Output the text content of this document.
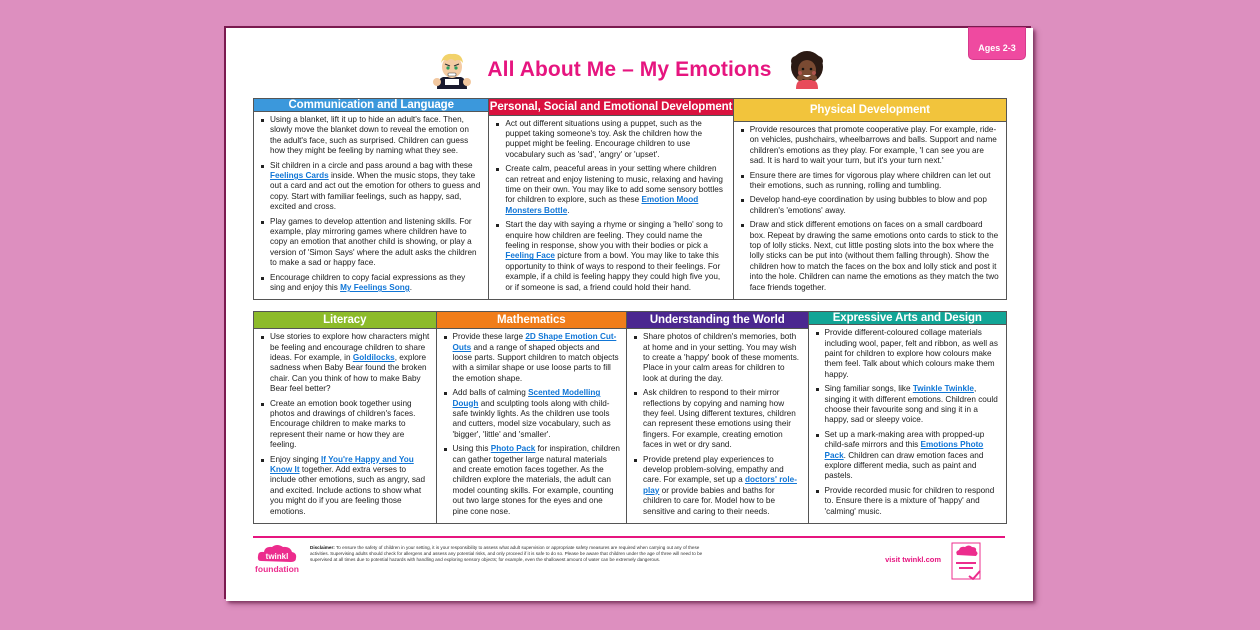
Ages 2-3
All About Me – My Emotions
Communication and Language
Using a blanket, lift it up to hide an adult's face. Then, slowly move the blanket down to reveal the emotion on the adult's face, such as surprised. Children can guess how they might be feeling by naming what they see.
Sit children in a circle and pass around a bag with these Feelings Cards inside. When the music stops, they take out a card and act out the emotion for others to guess and copy. Start with familiar feelings, such as happy, sad, excited and cross.
Play games to develop attention and listening skills. For example, play mirroring games where children have to copy an emotion that another child is showing, or play a version of 'Simon Says' where the adult asks the children to make a sad or happy face.
Encourage children to copy facial expressions as they sing and enjoy this My Feelings Song.
Personal, Social and Emotional Development
Act out different situations using a puppet, such as the puppet taking someone's toy. Ask the children how the puppet might be feeling. Encourage children to use vocabulary such as 'sad', 'angry' or 'upset'.
Create calm, peaceful areas in your setting where children can retreat and enjoy listening to music, relaxing and having time on their own. You may like to add some sensory bottles for children to explore, such as these Emotion Mood Monsters Bottle.
Start the day with saying a rhyme or singing a 'hello' song to enquire how children are feeling. They could name the feeling in response, show you with their bodies or pick a Feeling Face picture from a bowl. You may like to take this opportunity to think of ways to respond to their feelings. For example, if a child is feeling happy they could high five you, or if someone is sad, a friend could hold their hand.
Physical Development
Provide resources that promote cooperative play. For example, ride-on vehicles, pushchairs, wheelbarrows and balls. Support and name children's emotions as they play. For example, 'I can see you are sad. It is hard to wait your turn, but it's your turn next.'
Ensure there are times for vigorous play where children can let out their emotions, such as running, rolling and tumbling.
Develop hand-eye coordination by using bubbles to blow and pop children's 'emotions' away.
Draw and stick different emotions on faces on a small cardboard box. Repeat by drawing the same emotions onto cards to stick to the top of lolly sticks. Next, cut little posting slots into the box where the lolly sticks can be put into (without them falling through). Show the children how to match the faces on the box and lolly stick and post it into the hole. Children can name the emotions as they match the two face friends together.
Literacy
Use stories to explore how characters might be feeling and encourage children to share ideas. For example, in Goldilocks, explore sadness when Baby Bear found the broken chair. Can you think of how to make Baby Bear feel better?
Create an emotion book together using photos and drawings of children's faces. Encourage children to make marks to represent their name or how they are feeling.
Enjoy singing If You're Happy and You Know It together. Add extra verses to include other emotions, such as angry, sad and excited. Include actions to show what you might do if you are feeling those emotions.
Mathematics
Provide these large 2D Shape Emotion Cut-Outs and a range of shaped objects and loose parts. Support children to match objects with a similar shape or use loose parts to fill the emotion shape.
Add balls of calming Scented Modelling Dough and sculpting tools along with child-safe twinkly lights. As the children use tools and cutters, model size vocabulary, such as 'bigger', 'little' and 'smaller'.
Using this Photo Pack for inspiration, children can gather together large natural materials and create emotion faces together. As the children explore the materials, the adult can model counting skills. For example, counting out two large stones for the eyes and one pine cone nose.
Understanding the World
Share photos of children's memories, both at home and in your setting. You may wish to create a 'happy' book of these moments. Place in your calm areas for children to look at during the day.
Ask children to respond to their mirror reflections by copying and naming how they feel. Using different textures, children can represent these emotions using their fingers. For example, creating emotion faces in wet or dry sand.
Provide pretend play experiences to develop problem-solving, empathy and care. For example, set up a doctors' role-play or provide babies and baths for children to care for. Model how to be sensitive and caring to their needs.
Expressive Arts and Design
Provide different-coloured collage materials including wool, paper, felt and ribbon, as well as paint for children to explore how colours make them feel. Talk about which colours make them happy.
Sing familiar songs, like Twinkle Twinkle, singing it with different emotions. Children could choose their favourite song and sing it in a happy, sad or sleepy voice.
Set up a mark-making area with propped-up child-safe mirrors and this Emotions Photo Pack. Children can draw emotion faces and explore different media, such as paint and pastels.
Provide recorded music for children to respond to. Ensure there is a mixture of 'happy' and 'calming' music.
twinkl
foundation
Disclaimer: To ensure the safety of children in your setting, it is your responsibility to assess what adult supervision or appropriate safety measures are required when carrying out any of these activities. Supervising adults should check for allergens and assess any potential risks, and only proceed if it is safe to do so. Please be aware that children under the age of three will need to be supervised at all times due to potential hazards with handling and exploring sensory objects; for example, even the shallowest amount of water can be extremely dangerous.	visit twinkl.com
